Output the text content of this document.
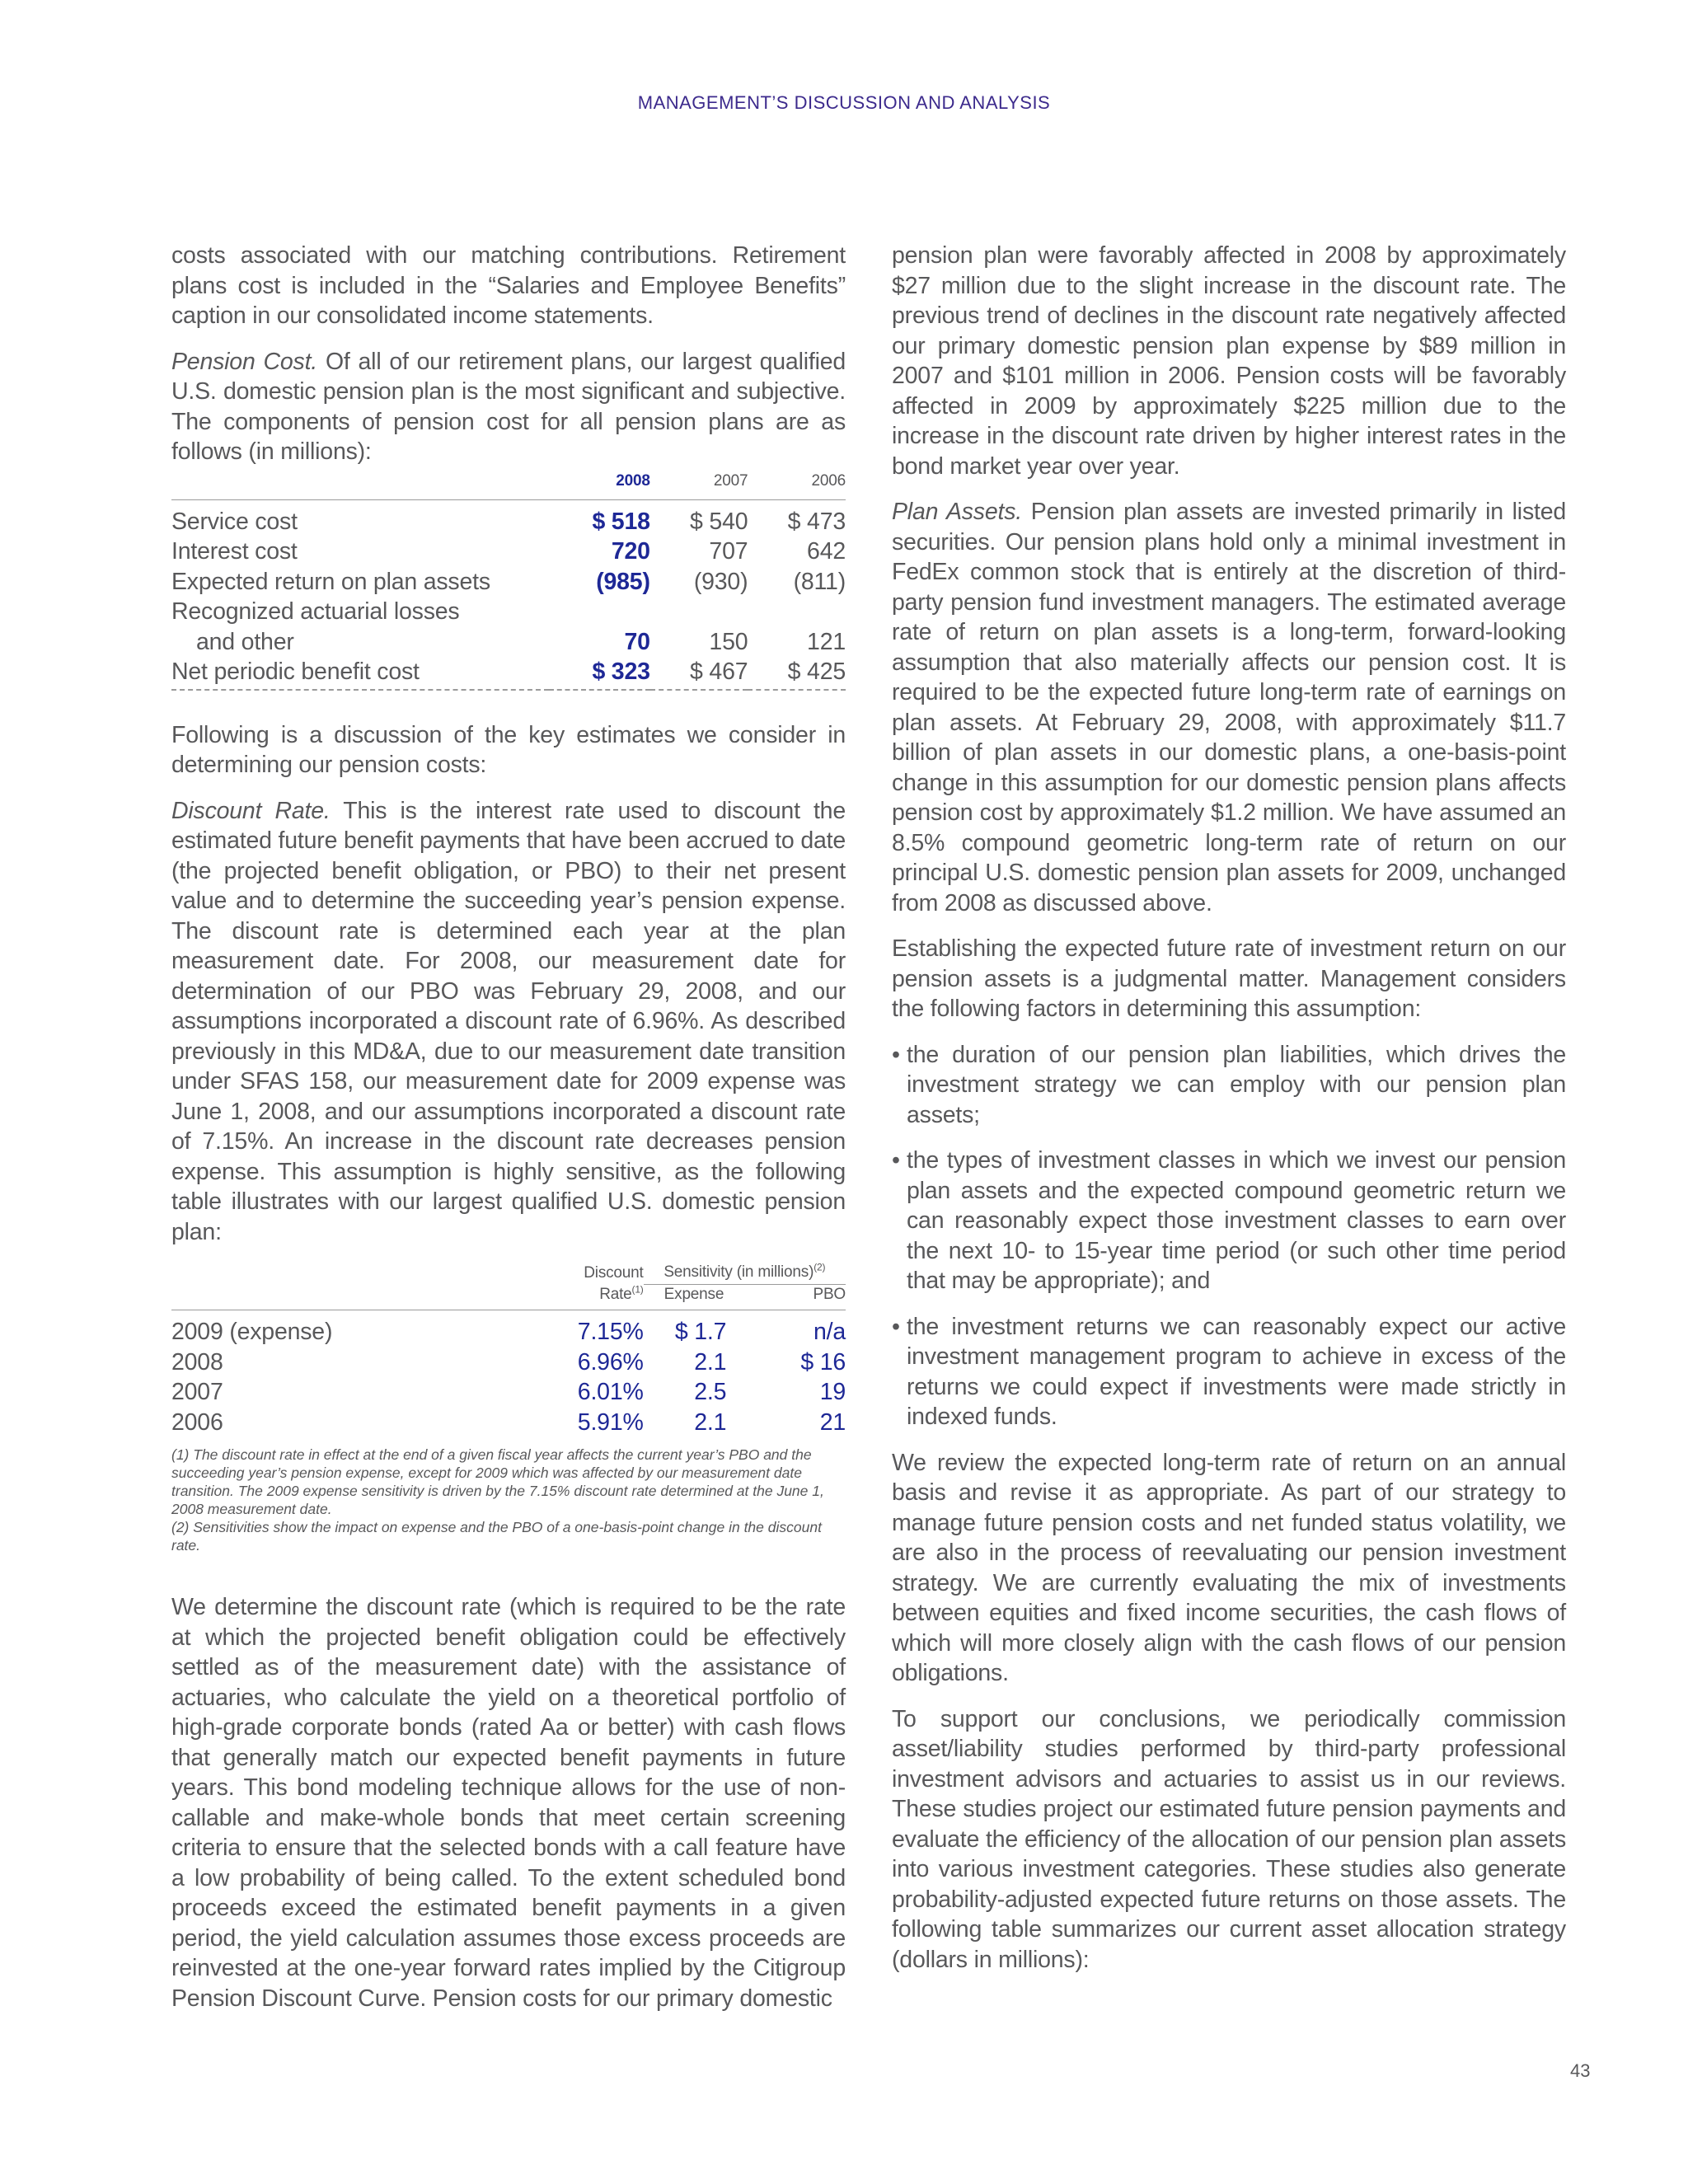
MANAGEMENT’S DISCUSSION AND ANALYSIS

costs associated with our matching contributions. Retirement plans cost is included in the “Salaries and Employee Benefits” caption in our consolidated income statements.

Pension Cost. Of all of our retirement plans, our largest qualified U.S. domestic pension plan is the most significant and subjective. The components of pension cost for all pension plans are as follows (in millions):

	2008	2007	2006
Service cost	$ 518	$ 540	$ 473
Interest cost	720	707	642
Expected return on plan assets	(985)	(930)	(811)
Recognized actuarial losses			
and other	70	150	121
Net periodic benefit cost	$ 323	$ 467	$ 425

Following is a discussion of the key estimates we consider in determining our pension costs:

Discount Rate. This is the interest rate used to discount the estimated future benefit payments that have been accrued to date (the projected benefit obligation, or PBO) to their net present value and to determine the succeeding year’s pension expense. The discount rate is determined each year at the plan measurement date. For 2008, our measurement date for determination of our PBO was February 29, 2008, and our assumptions incorporated a discount rate of 6.96%. As described previously in this MD&A, due to our measurement date transition under SFAS 158, our measurement date for 2009 expense was June 1, 2008, and our assumptions incorporated a discount rate of 7.15%. An increase in the discount rate decreases pension expense. This assumption is highly sensitive, as the following table illustrates with our largest qualified U.S. domestic pension plan:

	Discount	Sensitivity (in millions)$^{(2)}$
	Rate$^{(1)}$	Expense	PBO
2009 (expense)	7.15%	$ 1.7	n/a
2008	6.96%	2.1	$ 16
2007	6.01%	2.5	19
2006	5.91%	2.1	21
(1) The discount rate in effect at the end of a given fiscal year affects the current year’s PBO and the succeeding year’s pension expense, except for 2009 which was affected by our measurement date transition. The 2009 expense sensitivity is driven by the 7.15% discount rate determined at the June 1, 2008 measurement date.
(2) Sensitivities show the impact on expense and the PBO of a one-basis-point change in the discount rate.

We determine the discount rate (which is required to be the rate at which the projected benefit obligation could be effectively settled as of the measurement date) with the assistance of actuaries, who calculate the yield on a theoretical portfolio of high-grade corporate bonds (rated Aa or better) with cash flows that generally match our expected benefit payments in future years. This bond modeling technique allows for the use of non-callable and make-whole bonds that meet certain screening criteria to ensure that the selected bonds with a call feature have a low probability of being called. To the extent scheduled bond proceeds exceed the estimated benefit payments in a given period, the yield calculation assumes those excess proceeds are reinvested at the one-year forward rates implied by the Citigroup Pension Discount Curve. Pension costs for our primary domestic

pension plan were favorably affected in 2008 by approximately $27 million due to the slight increase in the discount rate. The previous trend of declines in the discount rate negatively affected our primary domestic pension plan expense by $89 million in 2007 and $101 million in 2006. Pension costs will be favorably affected in 2009 by approximately $225 million due to the increase in the discount rate driven by higher interest rates in the bond market year over year.

Plan Assets. Pension plan assets are invested primarily in listed securities. Our pension plans hold only a minimal investment in FedEx common stock that is entirely at the discretion of third-party pension fund investment managers. The estimated average rate of return on plan assets is a long-term, forward-looking assumption that also materially affects our pension cost. It is required to be the expected future long-term rate of earnings on plan assets. At February 29, 2008, with approximately $11.7 billion of plan assets in our domestic plans, a one-basis-point change in this assumption for our domestic pension plans affects pension cost by approximately $1.2 million. We have assumed an 8.5% compound geometric long-term rate of return on our principal U.S. domestic pension plan assets for 2009, unchanged from 2008 as discussed above.

Establishing the expected future rate of investment return on our pension assets is a judgmental matter. Management considers the following factors in determining this assumption:

• the duration of our pension plan liabilities, which drives the investment strategy we can employ with our pension plan assets;
• the types of investment classes in which we invest our pension plan assets and the expected compound geometric return we can reasonably expect those investment classes to earn over the next 10- to 15-year time period (or such other time period that may be appropriate); and
• the investment returns we can reasonably expect our active investment management program to achieve in excess of the returns we could expect if investments were made strictly in indexed funds.

We review the expected long-term rate of return on an annual basis and revise it as appropriate. As part of our strategy to manage future pension costs and net funded status volatility, we are also in the process of reevaluating our pension investment strategy. We are currently evaluating the mix of investments between equities and fixed income securities, the cash flows of which will more closely align with the cash flows of our pension obligations.

To support our conclusions, we periodically commission asset/liability studies performed by third-party professional investment advisors and actuaries to assist us in our reviews. These studies project our estimated future pension payments and evaluate the efficiency of the allocation of our pension plan assets into various investment categories. These studies also generate probability-adjusted expected future returns on those assets. The following table summarizes our current asset allocation strategy (dollars in millions):

43
